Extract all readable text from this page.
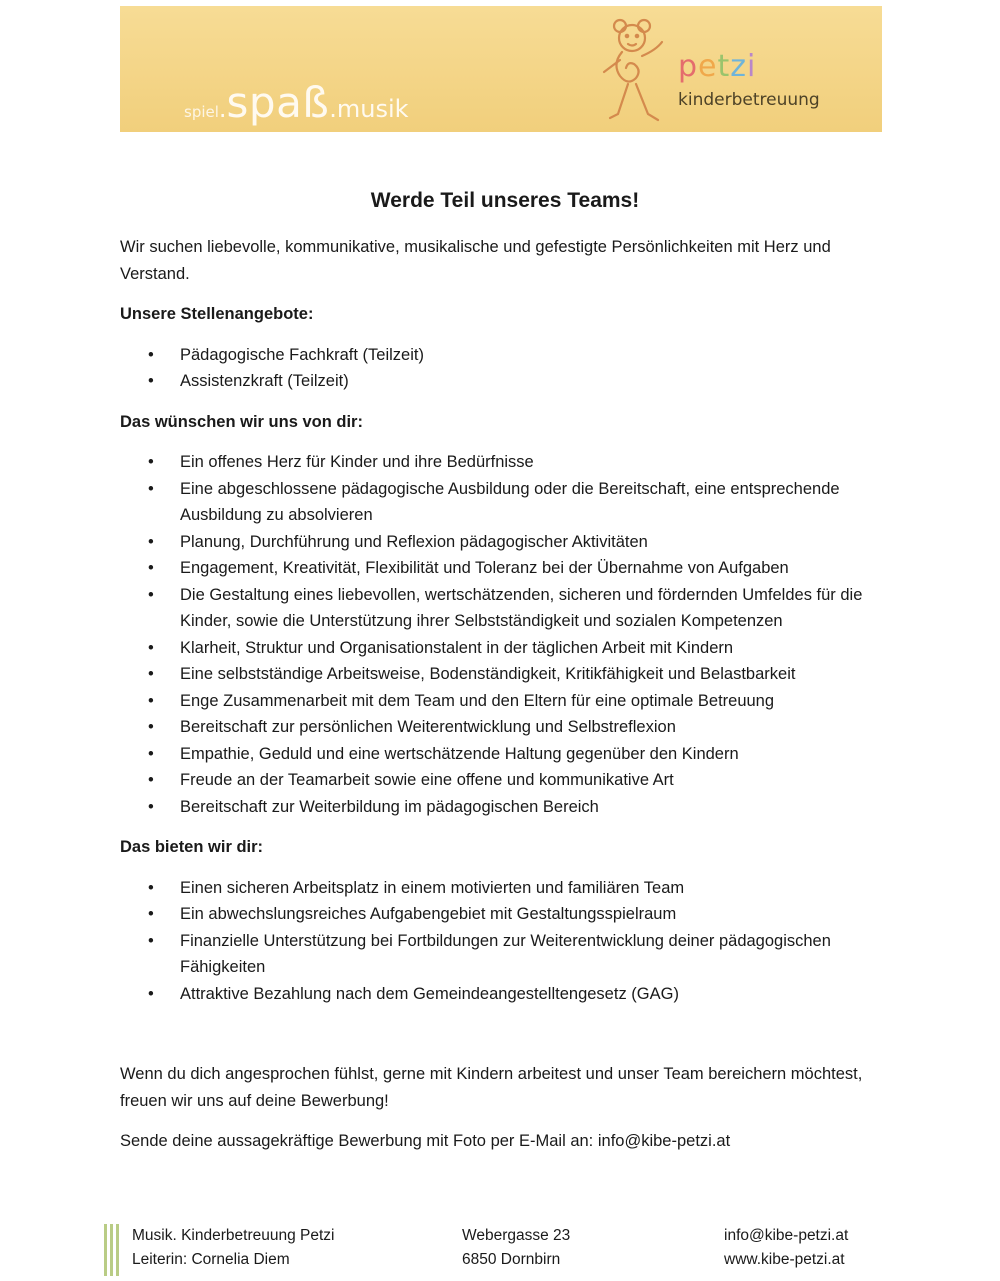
spiel.spaß.musik
petzi
kinderbetreuung
Werde Teil unseres Teams!

Wir suchen liebevolle, kommunikative, musikalische und gefestigte Persönlichkeiten mit Herz und Verstand.

Unsere Stellenangebote:
• Pädagogische Fachkraft (Teilzeit)
• Assistenzkraft (Teilzeit)
Das wünschen wir uns von dir:
• Ein offenes Herz für Kinder und ihre Bedürfnisse
• Eine abgeschlossene pädagogische Ausbildung oder die Bereitschaft, eine entsprechende Ausbildung zu absolvieren
• Planung, Durchführung und Reflexion pädagogischer Aktivitäten
• Engagement, Kreativität, Flexibilität und Toleranz bei der Übernahme von Aufgaben
• Die Gestaltung eines liebevollen, wertschätzenden, sicheren und fördernden Umfeldes für die Kinder, sowie die Unterstützung ihrer Selbstständigkeit und sozialen Kompetenzen
• Klarheit, Struktur und Organisationstalent in der täglichen Arbeit mit Kindern
• Eine selbstständige Arbeitsweise, Bodenständigkeit, Kritikfähigkeit und Belastbarkeit
• Enge Zusammenarbeit mit dem Team und den Eltern für eine optimale Betreuung
• Bereitschaft zur persönlichen Weiterentwicklung und Selbstreflexion
• Empathie, Geduld und eine wertschätzende Haltung gegenüber den Kindern
• Freude an der Teamarbeit sowie eine offene und kommunikative Art
• Bereitschaft zur Weiterbildung im pädagogischen Bereich
Das bieten wir dir:
• Einen sicheren Arbeitsplatz in einem motivierten und familiären Team
• Ein abwechslungsreiches Aufgabengebiet mit Gestaltungsspielraum
• Finanzielle Unterstützung bei Fortbildungen zur Weiterentwicklung deiner pädagogischen Fähigkeiten
• Attraktive Bezahlung nach dem Gemeindeangestelltengesetz (GAG)

Wenn du dich angesprochen fühlst, gerne mit Kindern arbeitest und unser Team bereichern möchtest, freuen wir uns auf deine Bewerbung!

Sende deine aussagekräftige Bewerbung mit Foto per E-Mail an: info@kibe-petzi.at

Musik. Kinderbetreuung Petzi
Leiterin: Cornelia Diem
Webergasse 23
6850 Dornbirn
info@kibe-petzi.at
www.kibe-petzi.at
